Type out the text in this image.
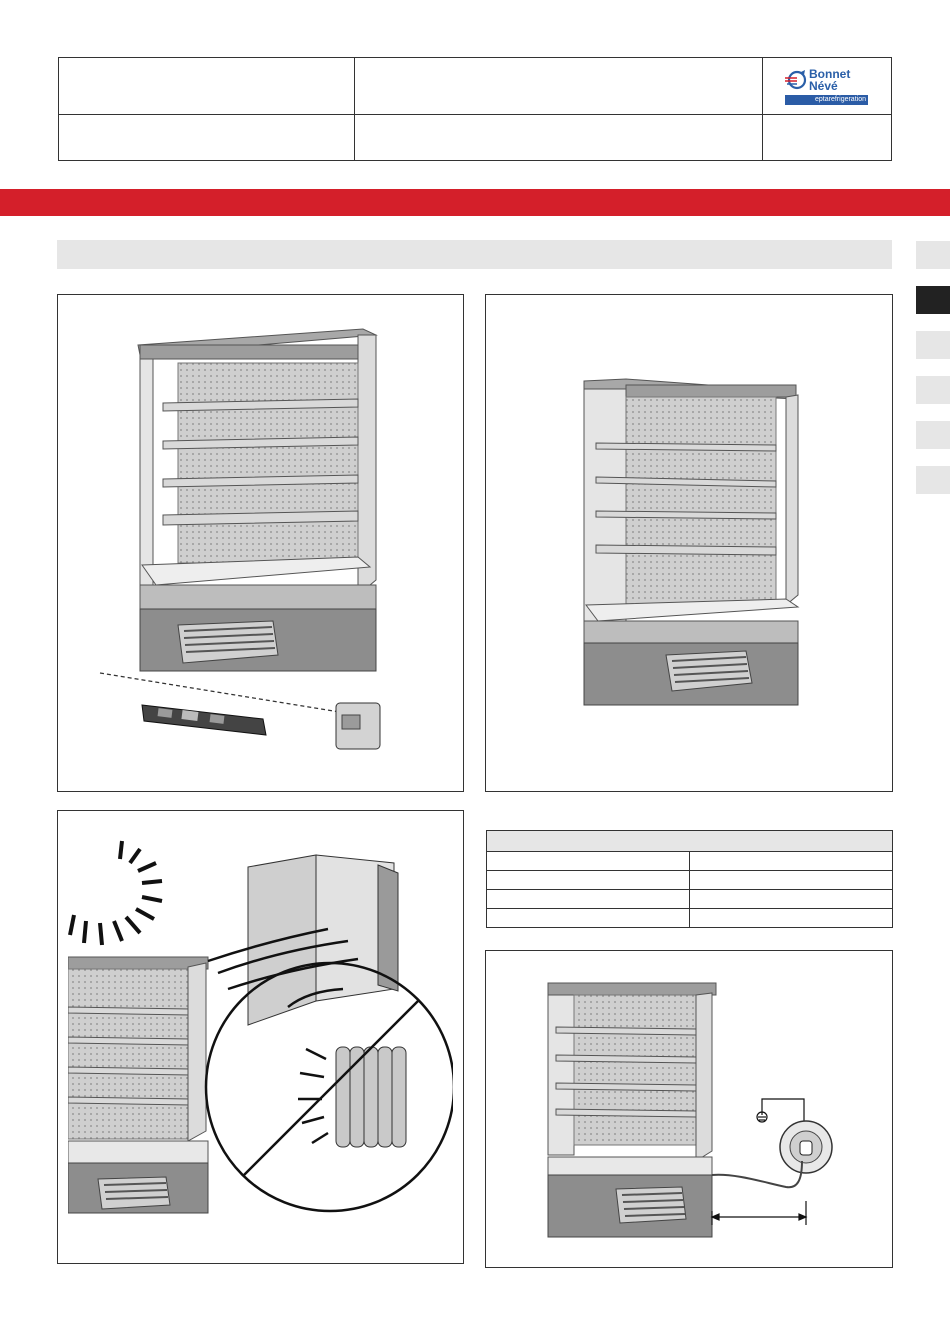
Bonnet
Névé
eptarefrigeration
